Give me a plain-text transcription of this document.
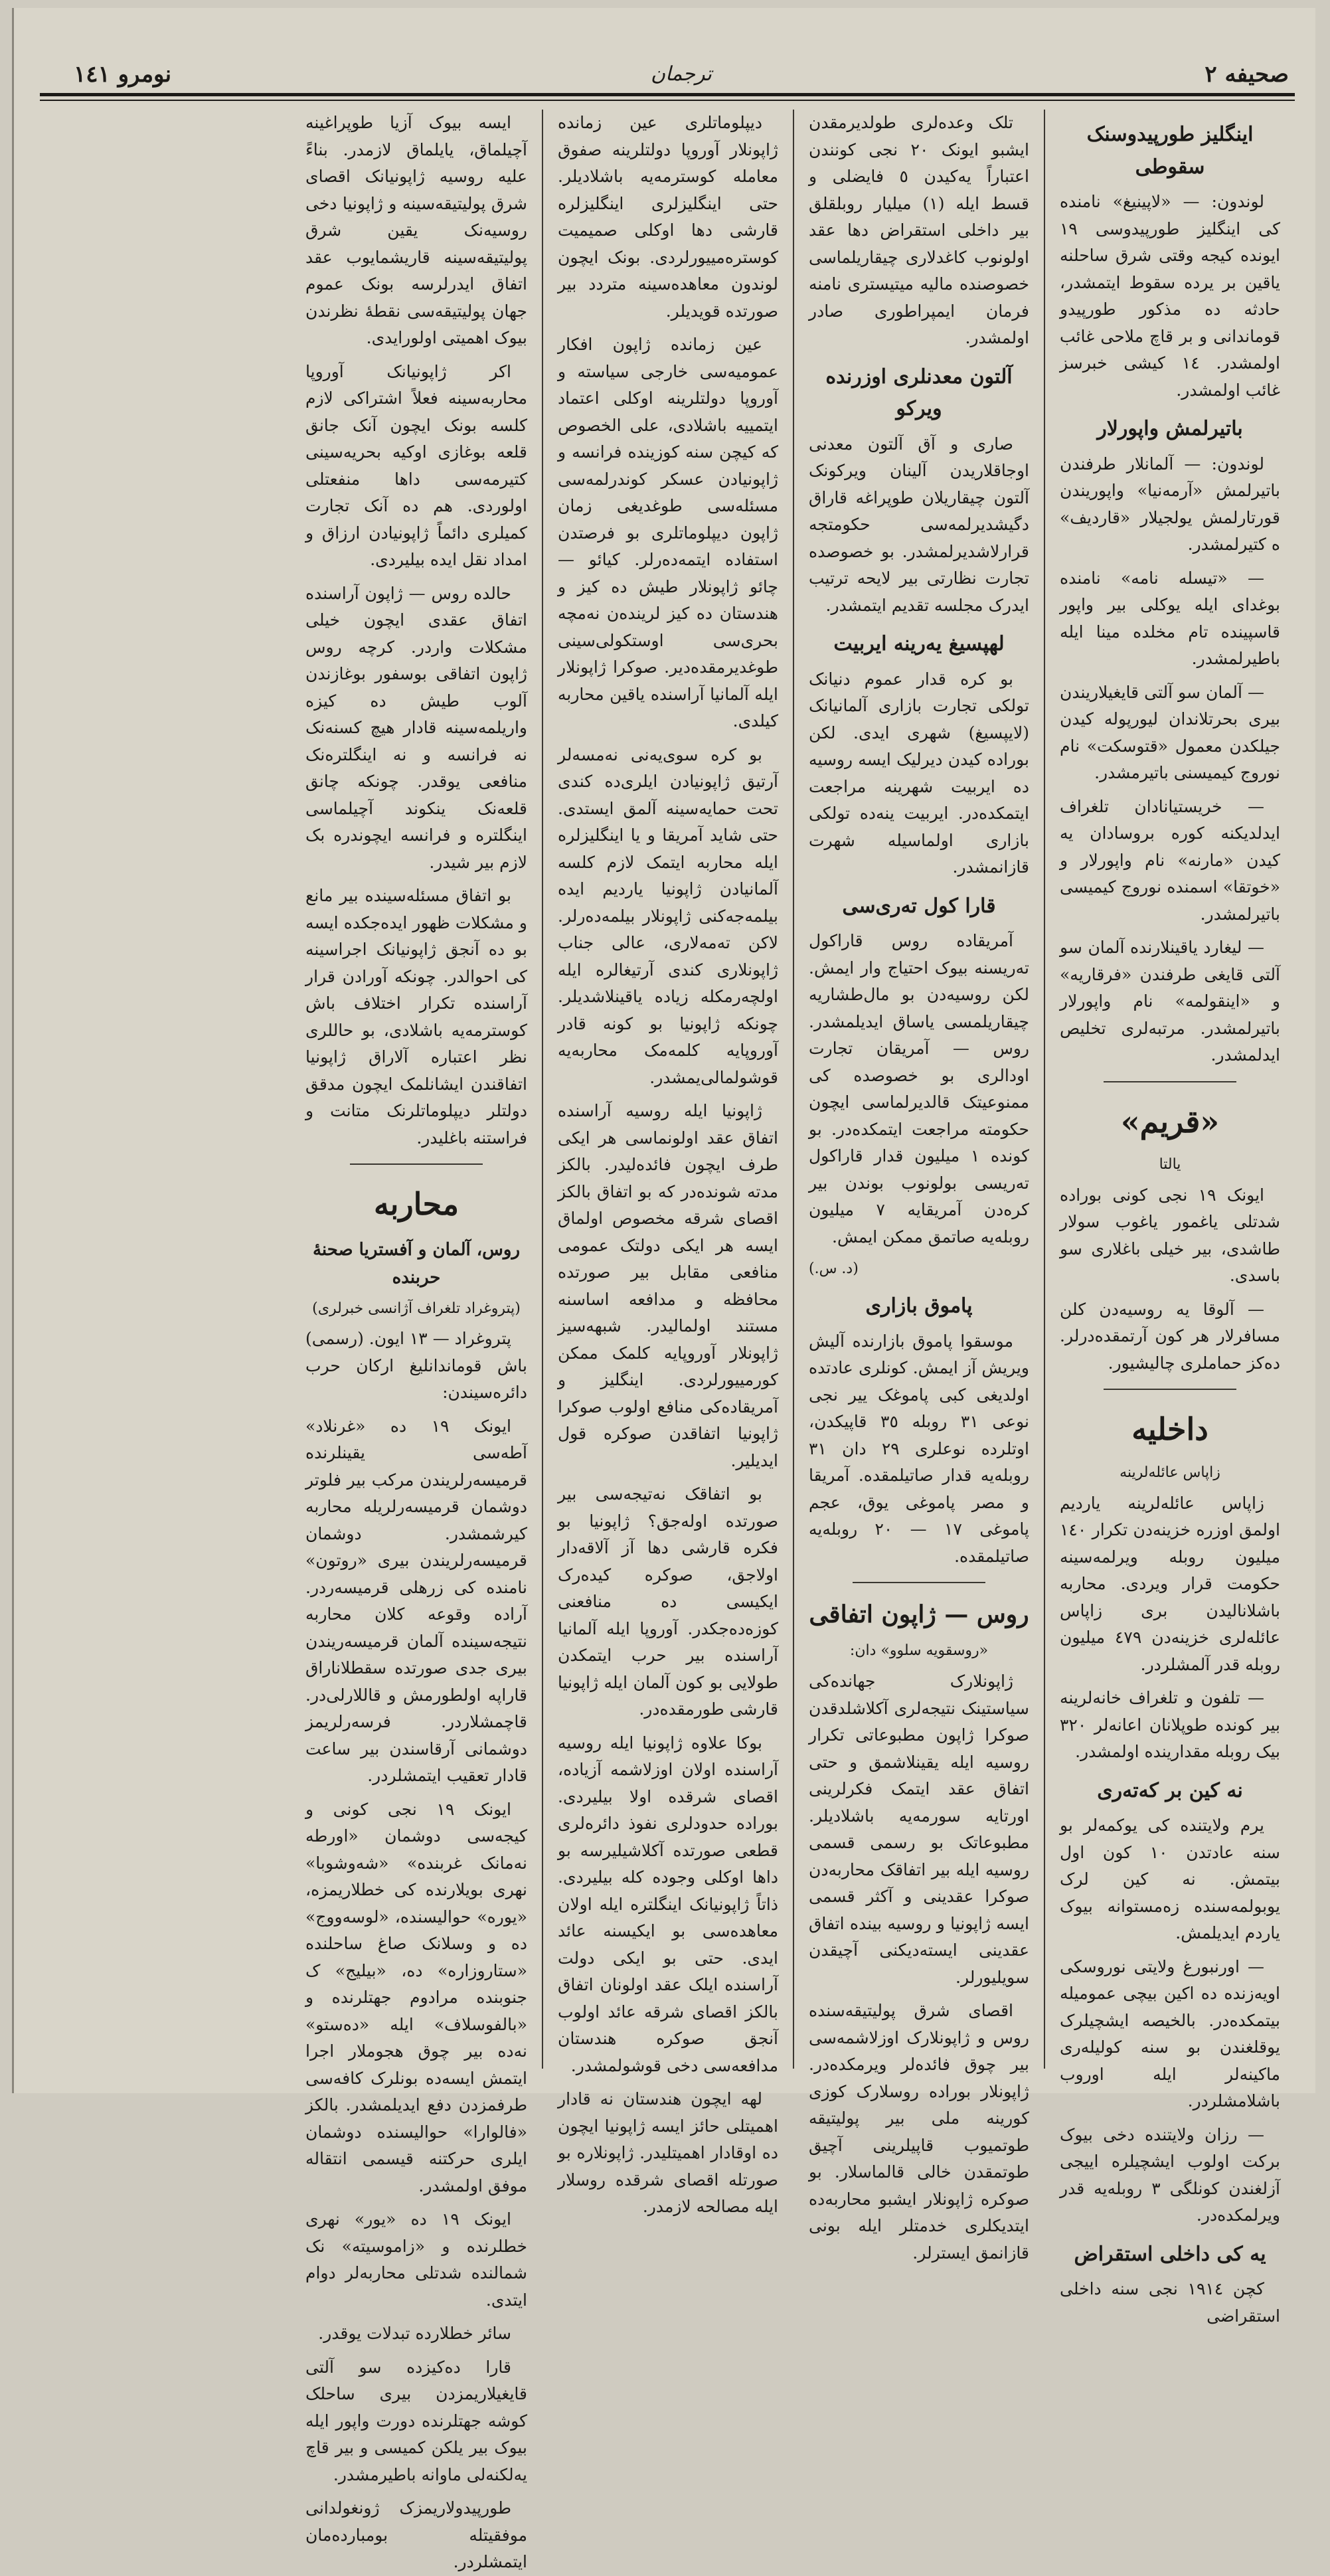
صحیفه ٢
ترجمان
نومرو ١٤١
اینگلیز طورپیدوسنک سقوطی

لوندون: — «لاپینیغ» نامنده کی اینگلیز طورپیدوسی ١٩ ایونده کیجه وقتی شرق ساحلنه یاقین بر یرده سقوط ایتمشدر، حادثه ده مذکور طورپیدو قوماندانی و بر قاچ ملاحی غائب اولمشدر. ١٤ کیشی خبرسز غائب اولمشدر.

باتیرلمش واپورلار

لوندون: — آلمانلار طرفندن باتیرلمش «آرمه‌نیا» واپوریندن قورتارلمش یولجیلار «قاردیف» ه کتیرلمشدر.

— «تیسله نامه» نامنده بوغدای ایله یوکلی بیر واپور قاسپینده تام مخلده مینا ایله باطیرلمشدر.

— آلمان سو آلتی قایغیلاریندن بیری بحرتلاندان لیورپوله کیدن جیلکدن معمول «قتوسکت» نام نوروج کیمیسنی باتیرمشدر.

— خریستیانادان تلغراف ایدلدیکنه کوره بروسادان یه کیدن «مارنه» نام واپورلار و «خوتقا» اسمنده نوروج کیمیسی باتیرلمشدر.

— لیغارد یاقینلارنده آلمان سو آلتی قایغی طرفندن «فرقاریه» و «اینقولمه» نام واپورلار باتیرلمشدر. مرتبه‌لری تخلیص ایدلمشدر.

«قریم»
یالتا

ایونک ١٩ نجی کونی بوراده شدتلی یاغمور یاغوب سولار طاشدی، بیر خیلی باغلاری سو باسدی.

— آلوقا‌ یه روسیه‌دن کلن مسافرلار هر کون آرتمقده‌درلر. ده‌کز حماملری چالیشیور.

داخلیه
زاپاس عائله‌لرینه

زاپاس عائله‌لرینه یاردیم اولمق اوزره خزینه‌دن تکرار ١٤٠ میلیون روبله ویرلمه‌سینه حکومت قرار ویردی. محاربه باشلانالیدن بری زاپاس عائله‌لری خزینه‌دن ٤٧٩ میلیون روبله قدر آلمشلردر.

— تلفون و تلغراف خانه‌لرینه بیر کونده طوپلانان اعانه‌لر ٣٢٠ بیک روبله مقدارینده اولمشدر.

نه کین بر که‌ته‌ری

یرم ولایتنده کی یوکمه‌لر بو سنه عادتدن ١٠ کون اول بیتمش. نه کین‌ لرک یوبولمه‌سنده زه‌مستوانه بیوک یاردم ایدیلمش.

— اورنبورغ ولایتی نوروسکی اویه‌زنده ده اکین بیچی عمومیله بیتمکده‌در. بالخیصه ایشچیلرک یوقلغندن بو سنه کولیله‌ری ماکینه‌لر ایله اوروب باشلامشلردر.

— رزان ولایتنده دخی بیوک برکت اولوب ایشچیلره اییجی آزلغندن کونلگی ٣ روبله‌یه قدر ویرلمکده‌در.

یه کی داخلی استقراض

کچن ١٩١٤ نجی سنه داخلی استقراضی

تلک وعده‌لری طولدیرمقدن ایشبو ایونک ٢٠ نجی کونندن اعتباراً یه‌کیدن ٥ فایضلی و قسط ایله (١) میلیار روبلقلق بیر داخلی استقراض دها عقد اولونوب کاغدلاری چیقاریلماسی خصوصنده مالیه میتیستری نامنه فرمان ایمپراطوری صادر اولمشدر.

آلتون معدنلری اوزرنده ویرکو

صاری و آق آلتون معدنی اوجاقلاریدن آلینان ویرکونک آلتون چیقاریلان طوپراغه قاراق دگیشدیرلمه‌سی حکومتجه قرارلاشدیرلمشدر. بو خصوصده تجارت نظارتی بیر لایحه ترتیب ایدرک مجلسه تقدیم ایتمشدر.

لهپسیغ یه‌رینه ایربیت

بو کره قدار عموم دنیانک تولکی تجارت بازاری آلمانیانک (لایپسیغ) شهری ایدی. لکن بوراده کیدن دیرلیک ایسه روسیه ده ایربیت شهرینه مراجعت ایتمکده‌در. ایربیت ینه‌ده تولکی بازاری اولماسیله شهرت قازانمشدر.

قارا کول ته‌ری‌سی

آمریقاده روس قاراکول ته‌ریسنه بیوک احتیاج وار ایمش. لکن روسیه‌دن بو مال‌طشاریه چیقاریلمسی یاساق ایدیلمشدر. روس — آمریقان تجارت اودالری بو خصوصده کی ممنوعیتک قالدیرلماسی ایچون حکومته مراجعت ایتمکده‌در. بو کونده ١ میلیون قدار قاراکول ته‌ریسی بولونوب بوندن بیر کره‌دن آمریقایه ٧ میلیون روبله‌یه صاتمق ممکن ایمش.

(د. س.)
پاموق بازاری

موسقوا پاموق بازارنده آلیش ویریش آز ایمش. کونلری عادتده اولدیغی کبی پاموغک ییر نجی نوعی ٣١ روبله ٣٥ قاپیکدن، اوتلرده نوعلری ٢٩ دان ٣١ روبله‌یه قدار صاتیلمقده. آمریقا و مصر پاموغی یوق، عجم پاموغی ١٧ — ٢٠ روبله‌یه صاتیلمقده.

روس — ژاپون اتفاقی
«روسقویه سلوو» دان:

ژاپونلارک جهانده‌کی سیاستینک نتیجه‌لری آکلاشلدقدن صوکرا ژاپون مطبوعاتی تکرار روسیه ایله یقینلاشمق و حتی اتفاق عقد ایتمک فکرلرینی اورتایه سورمه‌یه باشلادیلر. مطبوعاتک بو رسمی قسمی روسیه ایله بیر اتفاقک محاربه‌دن صوکرا عقدینی و آکثر قسمی ایسه ژاپونیا و روسیه بینده اتفاق عقدینی ایسته‌دیکنی آچیقدن سویلیورلر.

اقصای شرق پولیتیقه‌سنده روس و ژاپونلارک اوزلاشمه‌سی بیر چوق فائده‌لر ویرمکده‌در. ژاپونلار بوراده روسلارک کوزی کورینه ملی بیر پولیتیقه طوتمیوب قاپیلرینی آچیق طوتمقدن خالی قالماسلار. بو صوکره ژاپونلار ایشبو محاربه‌ده ایتدیکلری خدمتلر ایله بونی قازانمق ایسترلر.

دیپلوماتلری عین زمانده ژاپونلار آوروپا دولتلرینه صفوق معامله کوسترمه‌یه باشلادیلر. حتی اینگلیزلری اینگلیزلره قارشی دها اوکلی صمیمیت کوستره‌مییورلردی. بونک ایچون لوندون معاهده‌سینه متردد بیر صورتده قویدیلر.

عین زمانده ژاپون افکار عمومیه‌سی خارجی سیاسته و آوروپا دولتلرینه اوکلی اعتماد ایتمییه باشلادی، علی الخصوص که کیچن سنه کوزینده فرانسه و ژاپونیادن عسکر کوندرلمه‌سی مسئله‌سی طوغدیغی زمان ژاپون دیپلوماتلری بو فرصتدن استفاده ایتمه‌ده‌رلر. کیائو — چائو ژاپونلار طیش ده کیز و هندستان ده کیز لرینده‌ن نه‌مچه بحری‌سی اوستکولی‌سینی طوغدیرمقده‌دیر. صوکرا ژاپونلار ایله آلمانیا آراسنده یاقین محاربه کیلدی.

بو کره سوی‌یه‌نی نه‌مسه‌لر آرتیق ژاپونیادن ایلری‌ده کندی تحت حمایه‌سینه آلمق ایستدی. حتی شاید آمریقا و یا اینگلیزلره ایله محاربه ایتمک لازم کلسه آلمانیادن ژاپونیا یاردیم ایده بیلمه‌جه‌کنی ژاپونلار بیلمه‌ده‌رلر. لاکن ته‌مه‌لاری، عالی جناب ژاپونلاری کندی آرتیغالره ایله اولچه‌رمکله زیاده یاقینلاشدیلر. چونکه ژاپونیا بو کونه قادر آوروپایه کلمه‌مک محاربه‌یه قوشولمالی‌یمشدر.

ژاپونیا ایله روسیه آراسنده اتفاق عقد اولونماسی هر ایکی طرف ایچون فائده‌لیدر. بالکز مدته شونده‌در که بو اتفاق بالکز اقصای شرقه مخصوص اولماق ایسه هر ایکی دولتک عمومی منافعی مقابل بیر صورتده محافظه و مدافعه اساسنه مستند اولمالیدر. شبهه‌سیز ژاپونلار آوروپایه کلمک ممکن کورمییورلردی. اینگلیز و آمریقاده‌کی منافع اولوب صوکرا ژاپونیا اتفاقدن صوکره قول ایدیلیر.

بو اتفاقک نه‌تیجه‌سی بیر صورتده اوله‌جق؟ ژاپونیا بو فکره قارشی دها آز آلاقه‌دار اولاجق، صوکره کیده‌رک ایکیسی ده منافعنی کوزه‌ده‌جکدر. آوروپا ایله آلمانیا آراسنده بیر حرب ایتمکدن طولایی بو کون آلمان ایله ژاپونیا قارشی طورمقده‌در.

بوکا علاوه ژاپونیا ایله روسیه آراسنده اولان اوزلاشمه آزیاده، اقصای شرقده اولا بیلیردی. بوراده حدودلری نفوذ دائره‌لری قطعی صورتده آکلاشیلیرسه بو داها اوکلی وجوده کله بیلیردی. ذاتاً ژاپونیانک اینگلتره ایله اولان معاهده‌سی بو ایکیسنه عائد ایدی. حتی بو ایکی دولت آراسنده ایلک عقد اولونان اتفاق بالکز اقصای شرقه عائد اولوب آنجق صوکره هندستان مدافعه‌سی دخی قوشولمشدر.

لهه‌ ایچون هندستان نه قادار اهمیتلی حائز ایسه ژاپونیا ایچون ده اوقادار اهمیتلیدر. ژاپونلاره بو صورتله اقصای شرقده روسلار ایله مصالحه لازمدر.

ایسه بیوک آزیا طوپراغینه آچیلماق، یایلماق لازمدر. بناءً علیه روسیه ژاپونیانک اقصای شرق پولیتیقه‌سینه و ژاپونیا دخی روسیه‌نک یقین شرق پولیتیقه‌سینه قاریشمایوب عقد اتفاق ایدرلرسه بونک عموم جهان پولیتیقه‌سی نقطهٔ نظرندن بیوک اهمیتی اولورایدی.

اکر ژاپونیانک آوروپا محاربه‌سینه فعلاً اشتراکی لازم کلسه بونک ایچون آنک جانق قلعه بوغازی اوکیه بحریه‌سینی کتیرمه‌سی داها منفعتلی اولوردی. هم ده آنک تجارت کمیلری دائماً ژاپونیادن ارزاق و امداد نقل ایده بیلیردی.

حالده روس — ژاپون آراسنده اتفاق عقدی ایچون خیلی مشکلات واردر. کرچه روس ژاپون اتفاقی بوسفور بوغازندن آلوب طیش ده کیزه واریلمه‌سینه قادار هیچ کسنه‌نک نه فرانسه و نه اینگلتره‌نک منافعی یوقدر. چونکه چانق قلعه‌نک ینکوند آچیلماسی اینگلتره و فرانسه ایچوندره بک لازم بیر شیدر.

بو اتفاق مسئله‌سینده بیر مانع و مشکلات ظهور ایده‌جکده ایسه بو ده آنجق ژاپونیانک اجراسینه کی احوالدر. چونکه آورادن قرار آراسنده تکرار اختلاف باش کوسترمه‌یه باشلادی، بو حاللری نظر اعتباره آلاراق ژاپونیا اتفاقندن ایشانلمک ایچون مدقق دولتلر دیپلوماتلرنک متانت و فراستنه باغلیدر.

محاربه
روس، آلمان و آفستریا صحنهٔ حربنده
(پتروغراد تلغراف آژانسی خبرلری)

پتروغراد — ١٣ ایون. (رسمی) باش قوماندانلیغ ارکان حرب دائره‌سیندن:

ایونک ١٩ ده «غرنلاد» آطه‌سی یقینلرنده قرمیسه‌رلریندن مرکب بیر فلوتر دوشمان قرمیسه‌رلریله محاربه کیرشمشدر. دوشمان قرمیسه‌رلریندن بیری «روتون» نامنده کی زرهلی قرمیسه‌ردر. آراده وقوعه کلان محاربه نتیجه‌سینده آلمان قرمیسه‌ریندن بیری جدی صورتده سقطلاناراق قاراپه اولطورمش و قاللارلی‌در. قاچمشلاردر. فرسه‌رلریمز دوشمانی آرقاسندن بیر ساعت قادار تعقیب ایتمشلردر.

ایونک ١٩ نجی کونی و کیجه‌سی دوشمان «اورطه نه‌مانک غربنده» «شه‌وشوبا» نهری بویلارنده کی خطلاریمزه، «یوره» حوالیسنده، «لوسه‌ووج» ده و وسلانک صاغ ساحلنده «ستاروزاره» ده، «بیلیج» ک جنوبنده مرادوم جهتلرنده و «بالفوسلاف» ایله «ده‌ستو» نه‌ده بیر چوق هجوملار اجرا ایتمش ایسه‌ده بونلرک کافه‌سی طرفمزدن دفع ایدیلمشدر. بالکز «فالوارا» حوالیسنده دوشمان ایلری حرکتنه قیسمی انتقاله موفق اولمشدر.

ایونک ١٩ ده «یور» نهری خطلرنده و «زاموسیته» نک شمالنده شدتلی محاربه‌لر دوام ایتدی.

سائر خطلارده تبدلات یوقدر.

قارا ده‌کیزده سو آلتی قایغیلاریمزدن بیری ساحلک کوشه جهتلرنده دورت واپور ایله بیوک بیر یلکن کمیسی و بیر قاچ یه‌لکنه‌لی ماوانه باطیرمشدر.

طورپیدولاریمزک ژونغولدانی موفقیتله بومبارده‌مان ایتمشلردر.
